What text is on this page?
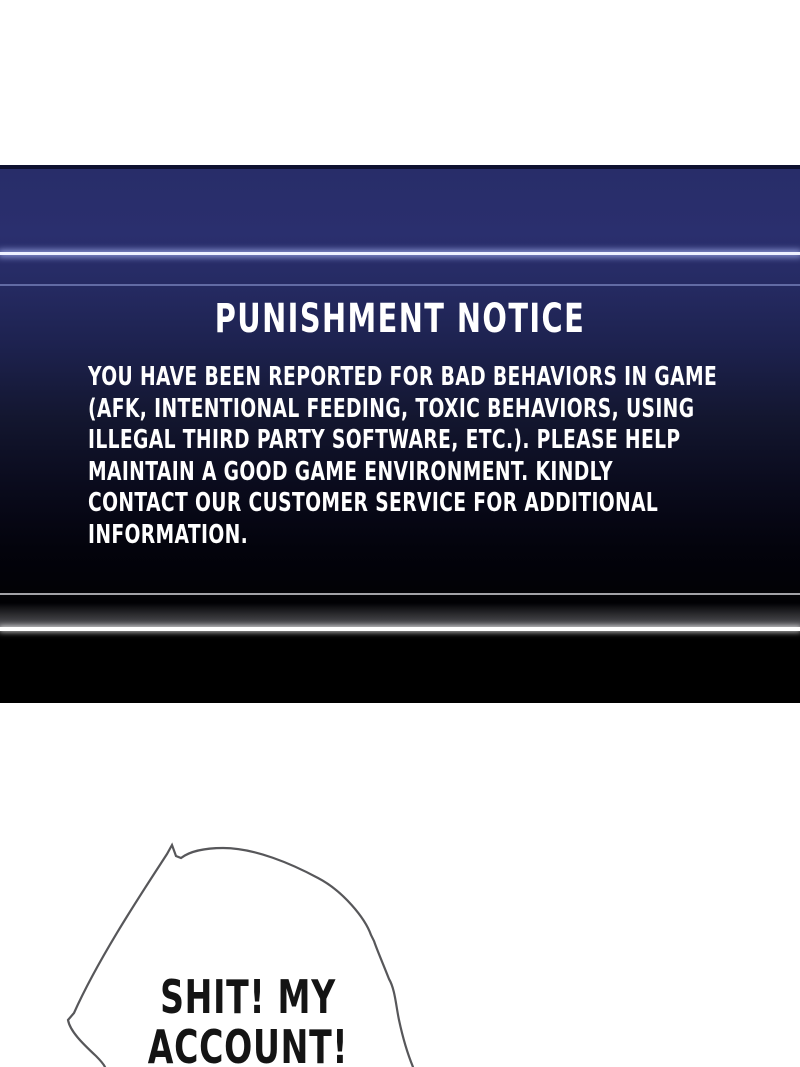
PUNISHMENT NOTICE
YOU HAVE BEEN REPORTED FOR BAD BEHAVIORS IN GAME
(AFK, INTENTIONAL FEEDING, TOXIC BEHAVIORS, USING
ILLEGAL THIRD PARTY SOFTWARE, ETC.). PLEASE HELP
MAINTAIN A GOOD GAME ENVIRONMENT. KINDLY
CONTACT OUR CUSTOMER SERVICE FOR ADDITIONAL
INFORMATION.
SHIT! MY
ACCOUNT!
